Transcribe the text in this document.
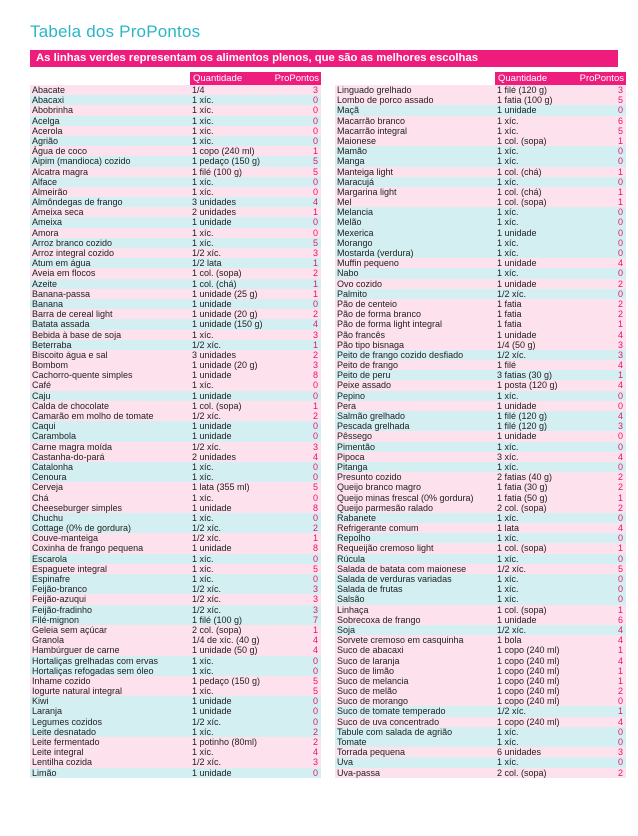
Tabela dos ProPontos
As linhas verdes representam os alimentos plenos, que são as melhores escolhas
Quantidade	ProPontos
Abacate	1/4	3
Abacaxi	1 xíc.	0
Abobrinha	1 xíc.	0
Acelga	1 xíc.	0
Acerola	1 xíc.	0
Agrião	1 xíc.	0
Água de coco	1 copo (240 ml)	1
Aipim (mandioca) cozido	1 pedaço (150 g)	5
Alcatra magra	1 filé (100 g)	5
Alface	1 xíc.	0
Almeirão	1 xíc.	0
Almôndegas de frango	3 unidades	4
Ameixa seca	2 unidades	1
Ameixa	1 unidade	0
Amora	1 xíc.	0
Arroz branco cozido	1 xíc.	5
Arroz integral cozido	1/2 xíc.	3
Atum em água	1/2 lata	1
Aveia em flocos	1 col. (sopa)	2
Azeite	1 col. (chá)	1
Banana-passa	1 unidade (25 g)	1
Banana	1 unidade	0
Barra de cereal light	1 unidade (20 g)	2
Batata assada	1 unidade (150 g)	4
Bebida à base de soja	1 xíc.	3
Beterraba	1/2 xíc.	1
Biscoito água e sal	3 unidades	2
Bombom	1 unidade (20 g)	3
Cachorro-quente simples	1 unidade	8
Café	1 xíc.	0
Caju	1 unidade	0
Calda de chocolate	1 col. (sopa)	1
Camarão em molho de tomate	1/2 xíc.	2
Caqui	1 unidade	0
Carambola	1 unidade	0
Carne magra moída	1/2 xíc.	3
Castanha-do-pará	2 unidades	4
Catalonha	1 xíc.	0
Cenoura	1 xíc.	0
Cerveja	1 lata (355 ml)	5
Chá	1 xíc.	0
Cheeseburger simples	1 unidade	8
Chuchu	1 xíc.	0
Cottage (0% de gordura)	1/2 xíc.	2
Couve-manteiga	1/2 xíc.	1
Coxinha de frango pequena	1 unidade	8
Escarola	1 xíc.	0
Espaguete integral	1 xíc.	5
Espinafre	1 xíc.	0
Feijão-branco	1/2 xíc.	3
Feijão-azuqui	1/2 xíc.	3
Feijão-fradinho	1/2 xíc.	3
Filé-mignon	1 filé (100 g)	7
Geleia sem açúcar	2 col. (sopa)	1
Granola	1/4 de xíc. (40 g)	4
Hambúrguer de carne	1 unidade (50 g)	4
Hortaliças grelhadas com ervas	1 xíc.	0
Hortaliças refogadas sem óleo	1 xíc.	0
Inhame cozido	1 pedaço (150 g)	5
Iogurte natural integral	1 xíc.	5
Kiwi	1 unidade	0
Laranja	1 unidade	0
Legumes cozidos	1/2 xíc.	0
Leite desnatado	1 xíc.	2
Leite fermentado	1 potinho (80ml)	2
Leite integral	1 xíc.	4
Lentilha cozida	1/2 xíc.	3
Limão	1 unidade	0
Quantidade	ProPontos
Linguado grelhado	1 filé (120 g)	3
Lombo de porco assado	1 fatia (100 g)	5
Maçã	1 unidade	0
Macarrão branco	1 xíc.	6
Macarrão integral	1 xíc.	5
Maionese	1 col. (sopa)	1
Mamão	1 xíc.	0
Manga	1 xíc.	0
Manteiga light	1 col. (chá)	1
Maracujá	1 xíc.	0
Margarina light	1 col. (chá)	1
Mel	1 col. (sopa)	1
Melancia	1 xíc.	0
Melão	1 xíc.	0
Mexerica	1 unidade	0
Morango	1 xíc.	0
Mostarda (verdura)	1 xíc.	0
Muffin pequeno	1 unidade	4
Nabo	1 xíc.	0
Ovo cozido	1 unidade	2
Palmito	1/2 xíc.	0
Pão de centeio	1 fatia	2
Pão de forma branco	1 fatia	2
Pão de forma light integral	1 fatia	1
Pão francês	1 unidade	4
Pão tipo bisnaga	1/4 (50 g)	3
Peito de frango cozido desfiado	1/2 xíc.	3
Peito de frango	1 filé	4
Peito de peru	3 fatias (30 g)	1
Peixe assado	1 posta (120 g)	4
Pepino	1 xíc.	0
Pera	1 unidade	0
Salmão grelhado	1 filé (120 g)	4
Pescada grelhada	1 filé (120 g)	3
Pêssego	1 unidade	0
Pimentão	1 xíc.	0
Pipoca	3 xíc.	4
Pitanga	1 xíc.	0
Presunto cozido	2 fatias (40 g)	2
Queijo branco magro	1 fatia (30 g)	2
Queijo minas frescal (0% gordura)	1 fatia (50 g)	1
Queijo parmesão ralado	2 col. (sopa)	2
Rabanete	1 xíc.	0
Refrigerante comum	1 lata	4
Repolho	1 xíc.	0
Requeijão cremoso light	1 col. (sopa)	1
Rúcula	1 xíc.	0
Salada de batata com maionese	1/2 xíc.	5
Salada de verduras variadas	1 xíc.	0
Salada de frutas	1 xíc.	0
Salsão	1 xíc.	0
Linhaça	1 col. (sopa)	1
Sobrecoxa de frango	1 unidade	6
Soja	1/2 xíc.	4
Sorvete cremoso em casquinha	1 bola	4
Suco de abacaxi	1 copo (240 ml)	1
Suco de laranja	1 copo (240 ml)	4
Suco de limão	1 copo (240 ml)	1
Suco de melancia	1 copo (240 ml)	1
Suco de melão	1 copo (240 ml)	2
Suco de morango	1 copo (240 ml)	0
Suco de tomate temperado	1/2 xíc.	1
Suco de uva concentrado	1 copo (240 ml)	4
Tabule com salada de agrião	1 xíc.	0
Tomate	1 xíc.	0
Torrada pequena	6 unidades	3
Uva	1 xíc.	0
Uva-passa	2 col. (sopa)	2
